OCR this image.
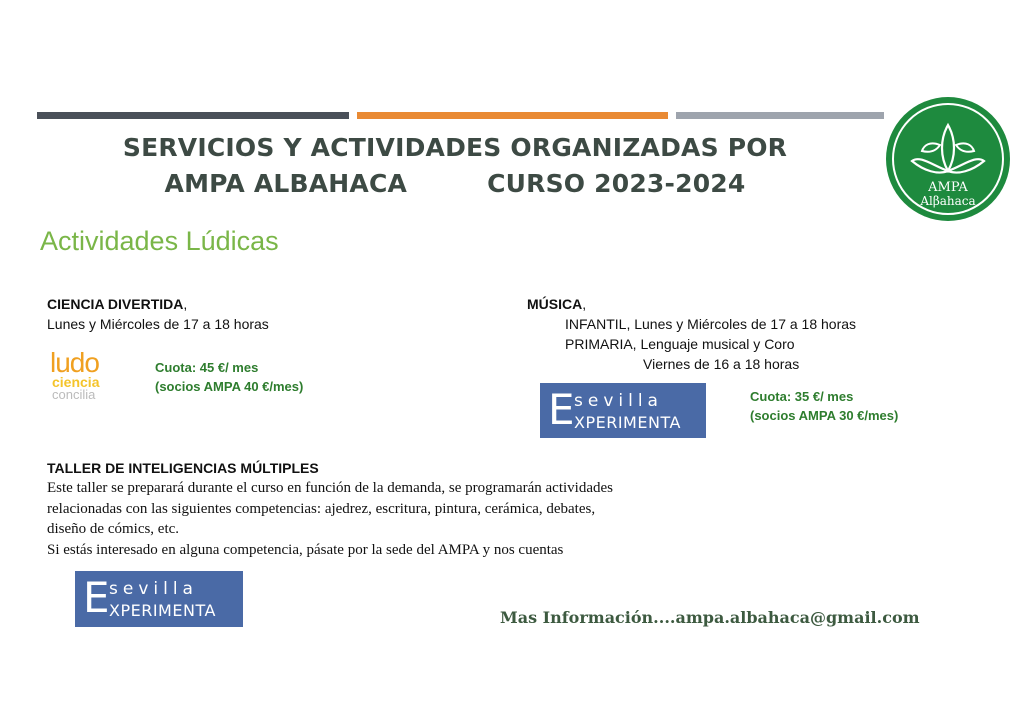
SERVICIOS Y ACTIVIDADES ORGANIZADAS POR
AMPA ALBAHACA	CURSO 2023-2024	AMPA
Alβahaca
Actividades Lúdicas
CIENCIA DIVERTIDA,
Lunes y Miércoles de 17 a 18 horas
ludo
ciencia
concilia
Cuota: 45 €/ mes
(socios AMPA 40 €/mes)
MÚSICA,
INFANTIL, Lunes y Miércoles de 17 a 18 horas
PRIMARIA, Lenguaje musical y Coro
Viernes de 16 a 18 horas
E sevilla
XPERIMENTA
Cuota: 35 €/ mes
(socios AMPA 30 €/mes)
TALLER DE INTELIGENCIAS MÚLTIPLES
Este taller se preparará durante el curso en función de la demanda, se programarán actividades
relacionadas con las siguientes competencias: ajedrez, escritura, pintura, cerámica, debates,
diseño de cómics, etc.
Si estás interesado en alguna competencia, pásate por la sede del AMPA y nos cuentas
E sevilla
XPERIMENTA	Mas Información....ampa.albahaca@gmail.com
